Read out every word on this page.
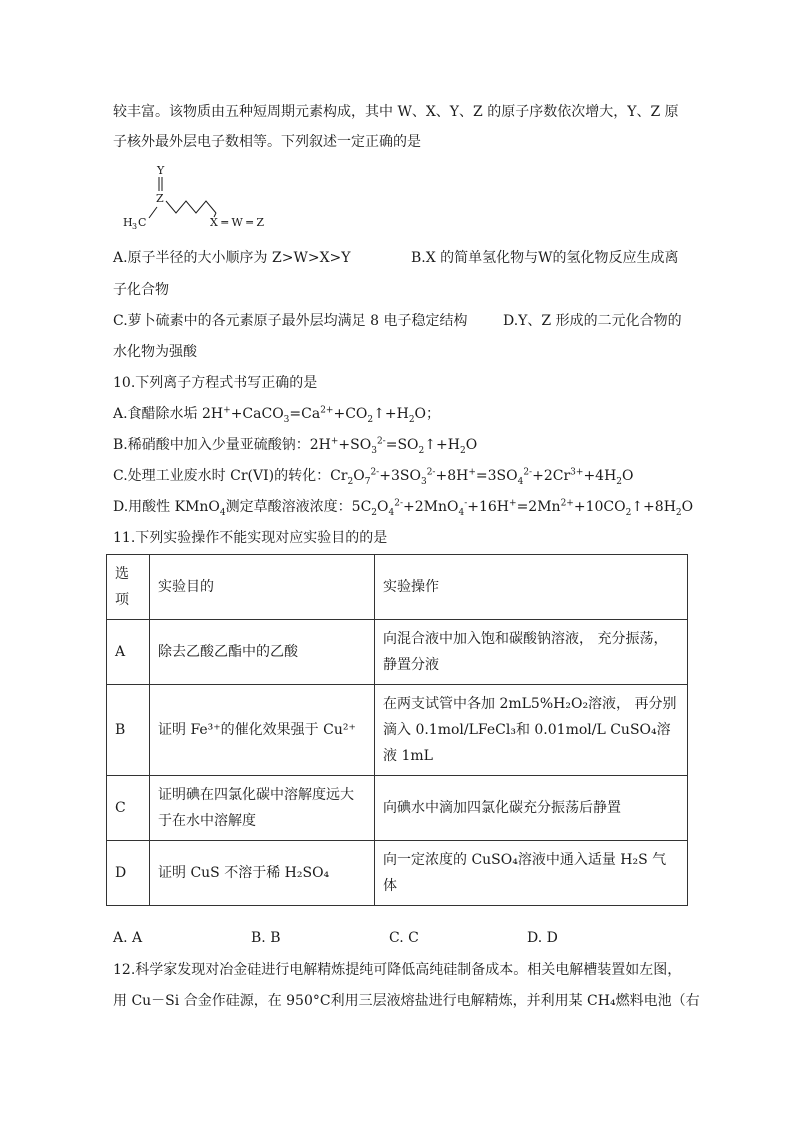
较丰富。该物质由五种短周期元素构成，其中 W、X、Y、Z 的原子序数依次增大，Y、Z 原
子核外最外层电子数相等。下列叙述一定正确的是
Y
Z
H 3 C	X ═ W ═ Z
A.原子半径的大小顺序为 Z>W>X>Y	B.X 的简单氢化物与W的氢化物反应生成离
子化合物
C.萝卜硫素中的各元素原子最外层均满足 8 电子稳定结构	D.Y、Z 形成的二元化合物的
水化物为强酸
10.下列离子方程式书写正确的是
A.食醋除水垢 $2H^++CaCO_3=Ca^{2+}+CO_2↑+H_2O$；
B.稀硝酸中加入少量亚硫酸钠：$2H^++SO_3^{2-}=SO_2↑+H_2O$
C.处理工业废水时 Cr(VI)的转化：$Cr_2O_7^{2-}+3SO_3^{2-}+8H^+=3SO_4^{2-}+2Cr^{3+}+4H_2O$
D.用酸性 KMnO$_4$测定草酸溶液浓度：$5C_2O_4^{2-}+2MnO_4^-+16H^+=2Mn^{2+}+10CO_2↑+8H_2O$
11.下列实验操作不能实现对应实验目的的是
选项	实验目的	实验操作
A	除去乙酸乙酯中的乙酸	向混合液中加入饱和碳酸钠溶液， 充分振荡，静置分液
B	证明 Fe³⁺的催化效果强于 Cu²⁺	在两支试管中各加 2mL5%H₂O₂溶液， 再分别滴入 0.1mol/LFeCl₃和 0.01mol/L CuSO₄溶液 1mL
C	证明碘在四氯化碳中溶解度远大于在水中溶解度	向碘水中滴加四氯化碳充分振荡后静置
D	证明 CuS 不溶于稀 H₂SO₄	向一定浓度的 CuSO₄溶液中通入适量 H₂S 气体
A. A	B. B	C. C	D. D
12.科学家发现对冶金硅进行电解精炼提纯可降低高纯硅制备成本。相关电解槽装置如左图，
用 Cu－Si 合金作硅源，在 950°C利用三层液熔盐进行电解精炼，并利用某 CH₄燃料电池（右
